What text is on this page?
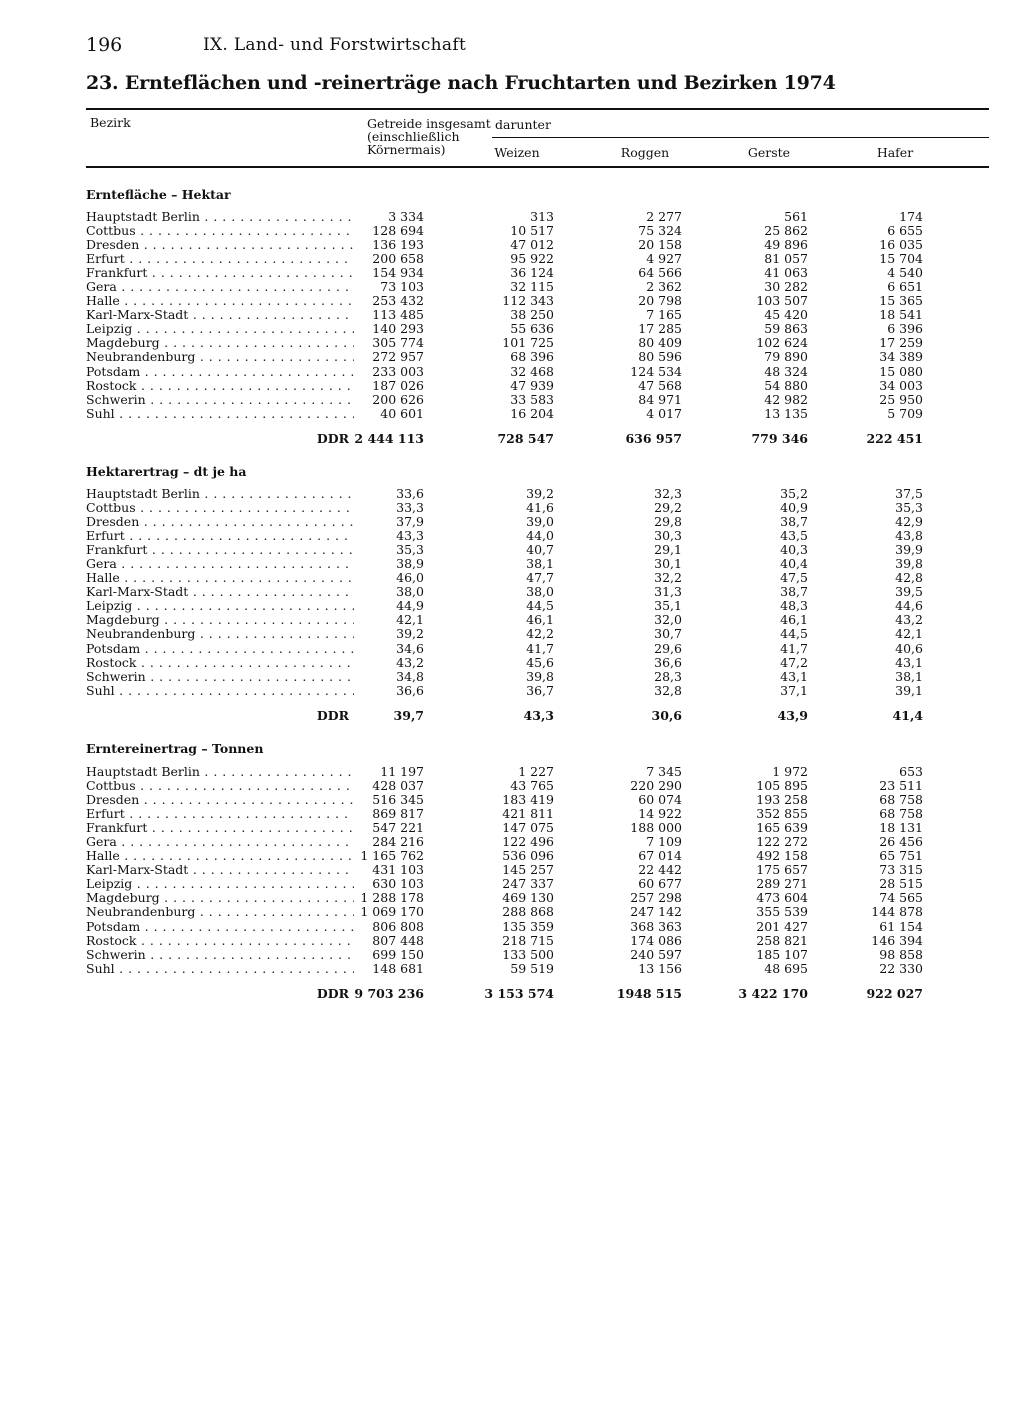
196	IX. Land- und Forstwirtschaft
23. Ernteflächen und -reinerträge nach Fruchtarten und Bezirken 1974
Bezirk	Getreide insgesamt
(einschließlich
Körnermais)
darunter
Weizen	Roggen	Gerste	Hafer
Erntefläche – Hektar
Hauptstadt Berlin . . .	3 334	313	2 277	561	174
Cottbus . . .	128 694	10 517	75 324	25 862	6 655
Dresden . . .	136 193	47 012	20 158	49 896	16 035
Erfurt . . .	200 658	95 922	4 927	81 057	15 704
Frankfurt . . .	154 934	36 124	64 566	41 063	4 540
Gera . . .	73 103	32 115	2 362	30 282	6 651
Halle . . .	253 432	112 343	20 798	103 507	15 365
Karl-Marx-Stadt . . .	113 485	38 250	7 165	45 420	18 541
Leipzig . . .	140 293	55 636	17 285	59 863	6 396
Magdeburg . . .	305 774	101 725	80 409	102 624	17 259
Neubrandenburg . . .	272 957	68 396	80 596	79 890	34 389
Potsdam . . .	233 003	32 468	124 534	48 324	15 080
Rostock . . .	187 026	47 939	47 568	54 880	34 003
Schwerin . . .	200 626	33 583	84 971	42 982	25 950
Suhl . . .	40 601	16 204	4 017	13 135	5 709
DDR 2 444 113	728 547	636 957	779 346	222 451
Hektarertrag – dt je ha
Hauptstadt Berlin . . .	33,6	39,2	32,3	35,2	37,5
Cottbus . . .	33,3	41,6	29,2	40,9	35,3
Dresden . . .	37,9	39,0	29,8	38,7	42,9
Erfurt . . .	43,3	44,0	30,3	43,5	43,8
Frankfurt . . .	35,3	40,7	29,1	40,3	39,9
Gera . . .	38,9	38,1	30,1	40,4	39,8
Halle . . .	46,0	47,7	32,2	47,5	42,8
Karl-Marx-Stadt . . .	38,0	38,0	31,3	38,7	39,5
Leipzig . . .	44,9	44,5	35,1	48,3	44,6
Magdeburg . . .	42,1	46,1	32,0	46,1	43,2
Neubrandenburg . . .	39,2	42,2	30,7	44,5	42,1
Potsdam . . .	34,6	41,7	29,6	41,7	40,6
Rostock . . .	43,2	45,6	36,6	47,2	43,1
Schwerin . . .	34,8	39,8	28,3	43,1	38,1
Suhl . . .	36,6	36,7	32,8	37,1	39,1
DDR	39,7	43,3	30,6	43,9	41,4
Erntereinertrag – Tonnen
Hauptstadt Berlin . . .	11 197	1 227	7 345	1 972	653
Cottbus . . .	428 037	43 765	220 290	105 895	23 511
Dresden . . .	516 345	183 419	60 074	193 258	68 758
Erfurt . . .	869 817	421 811	14 922	352 855	68 758
Frankfurt . . .	547 221	147 075	188 000	165 639	18 131
Gera . . .	284 216	122 496	7 109	122 272	26 456
Halle . . .	1 165 762	536 096	67 014	492 158	65 751
Karl-Marx-Stadt . . .	431 103	145 257	22 442	175 657	73 315
Leipzig . . .	630 103	247 337	60 677	289 271	28 515
Magdeburg . . .	1 288 178	469 130	257 298	473 604	74 565
Neubrandenburg . . .	1 069 170	288 868	247 142	355 539	144 878
Potsdam . . .	806 808	135 359	368 363	201 427	61 154
Rostock . . .	807 448	218 715	174 086	258 821	146 394
Schwerin . . .	699 150	133 500	240 597	185 107	98 858
Suhl . . .	148 681	59 519	13 156	48 695	22 330
DDR 9 703 236	3 153 574	1948 515	3 422 170	922 027
